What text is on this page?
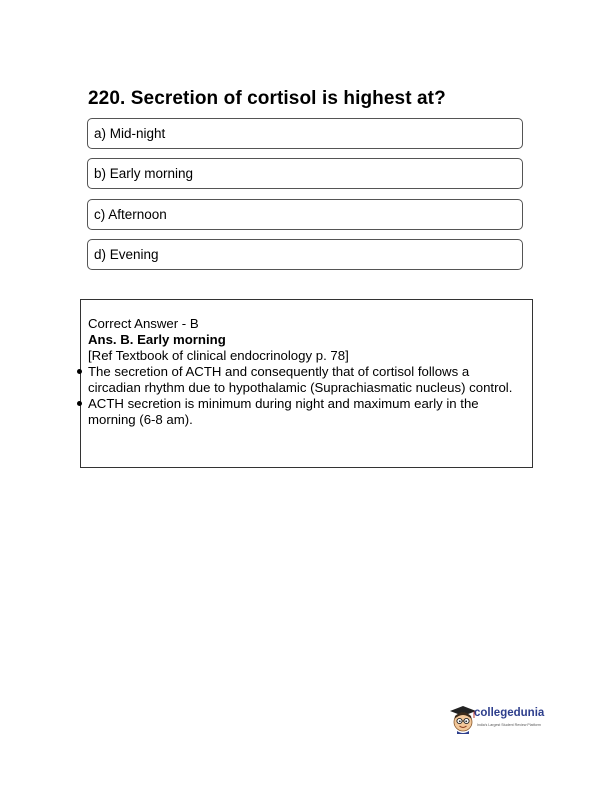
220. Secretion of cortisol is highest at?
a) Mid-night
b) Early morning
c) Afternoon
d) Evening
Correct Answer - B
Ans. B. Early morning
[Ref Textbook of clinical endocrinology p. 78]
The secretion of ACTH and consequently that of cortisol follows a circadian rhythm due to hypothalamic (Suprachiasmatic nucleus) control.
ACTH secretion is minimum during night and maximum early in the morning (6-8 am).
collegedunia
India's Largest Student Review Platform
